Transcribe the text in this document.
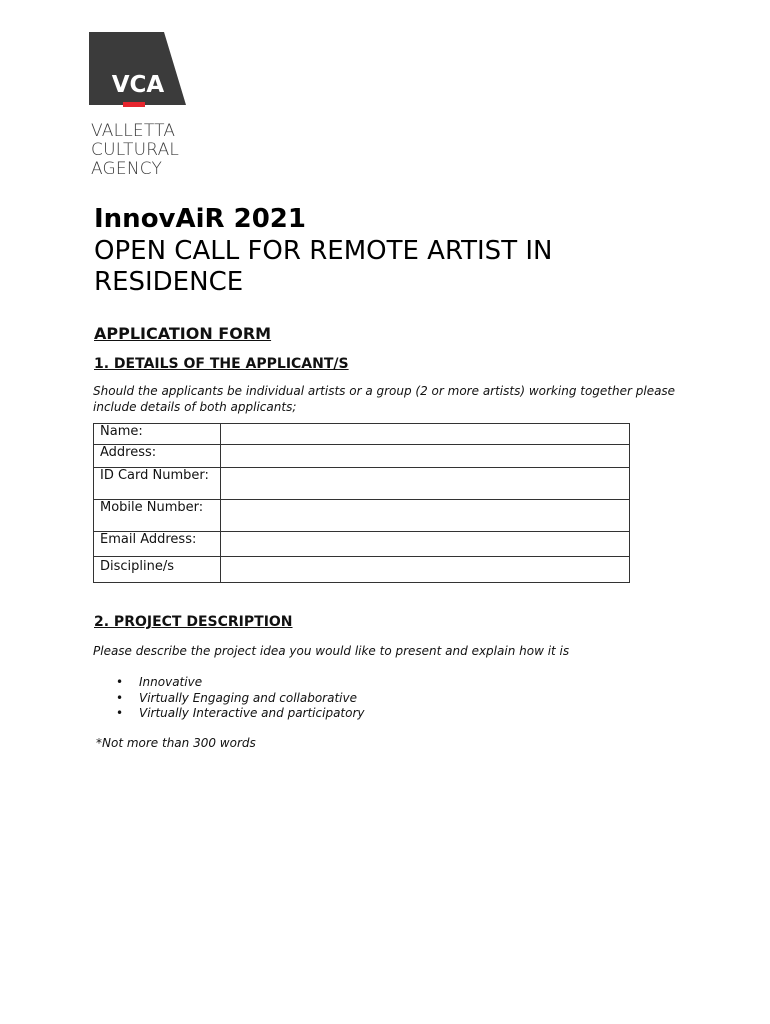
VCA
VALLETTA
CULTURAL
AGENCY
InnovAiR 2021
OPEN CALL FOR REMOTE ARTIST IN RESIDENCE
APPLICATION FORM
1. DETAILS OF THE APPLICANT/S
Should the applicants be individual artists or a group (2 or more artists) working together please include details of both applicants;
Name:	
Address:	
ID Card Number:	
Mobile Number:	
Email Address:	
Discipline/s	
2. PROJECT DESCRIPTION
Please describe the project idea you would like to present and explain how it is
• Innovative
• Virtually Engaging and collaborative
• Virtually Interactive and participatory
*Not more than 300 words
